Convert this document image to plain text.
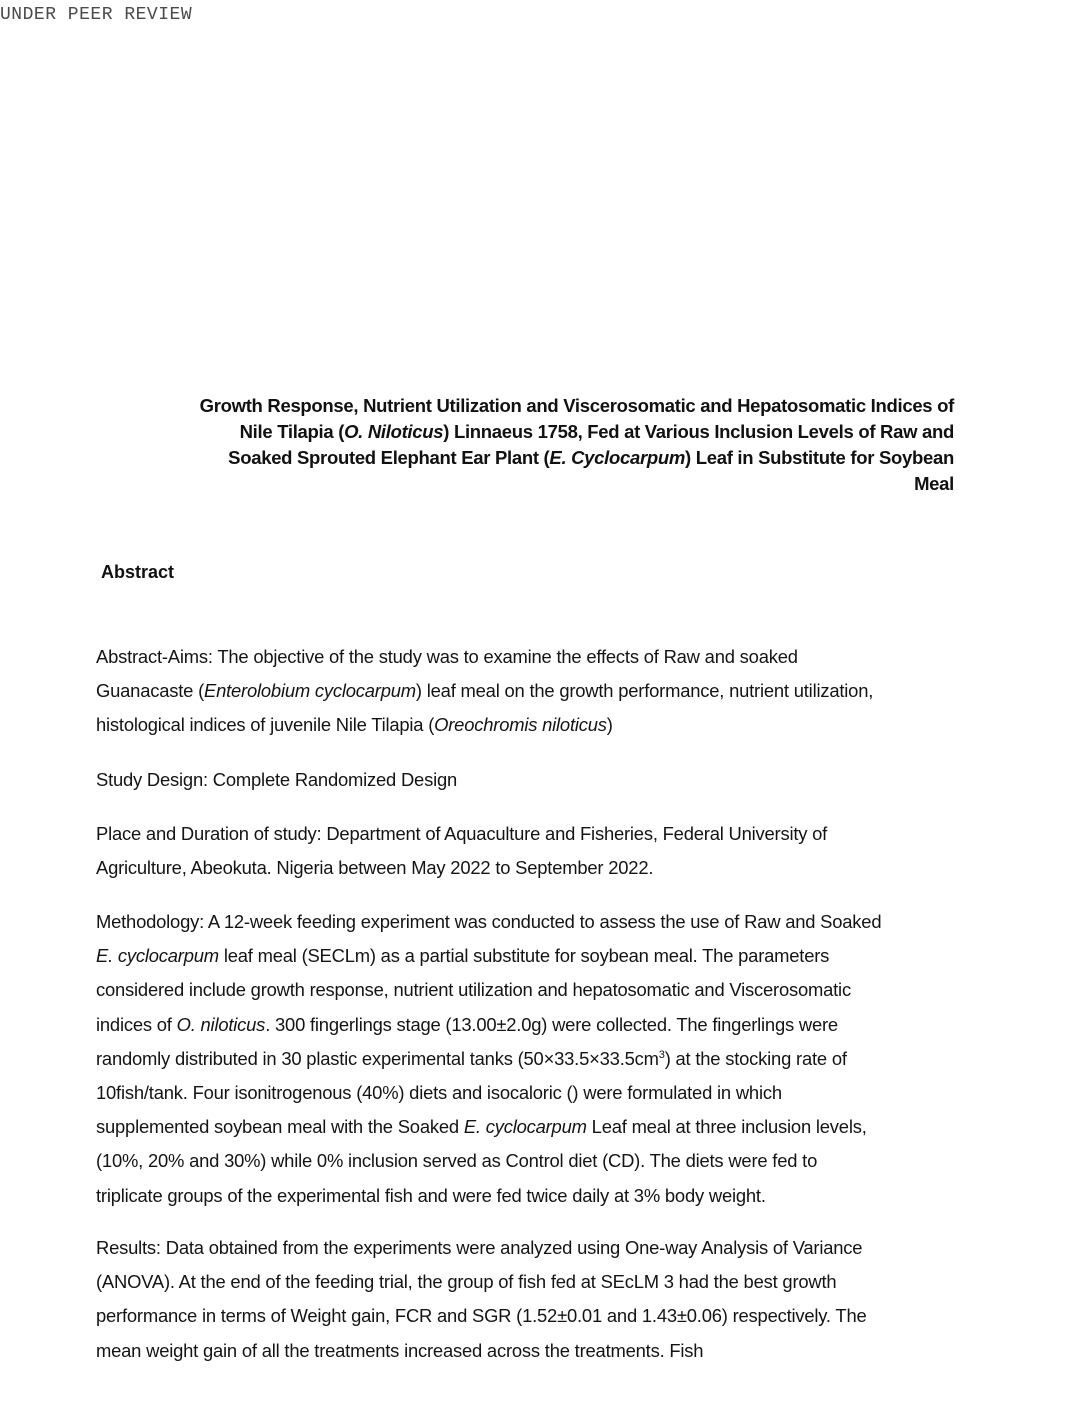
UNDER PEER REVIEW
Growth Response, Nutrient Utilization and Viscerosomatic and Hepatosomatic Indices of
Nile Tilapia (O. Niloticus) Linnaeus 1758, Fed at Various Inclusion Levels of Raw and
Soaked Sprouted Elephant Ear Plant (E. Cyclocarpum) Leaf in Substitute for Soybean
Meal
Abstract

Abstract-Aims: The objective of the study was to examine the effects of Raw and soaked
Guanacaste (Enterolobium cyclocarpum) leaf meal on the growth performance, nutrient utilization,
histological indices of juvenile Nile Tilapia (Oreochromis niloticus)

Study Design: Complete Randomized Design

Place and Duration of study: Department of Aquaculture and Fisheries, Federal University of
Agriculture, Abeokuta. Nigeria between May 2022 to September 2022.

Methodology: A 12-week feeding experiment was conducted to assess the use of Raw and Soaked
E. cyclocarpum leaf meal (SECLm) as a partial substitute for soybean meal. The parameters
considered include growth response, nutrient utilization and hepatosomatic and Viscerosomatic
indices of O. niloticus. 300 fingerlings stage (13.00±2.0g) were collected. The fingerlings were
randomly distributed in 30 plastic experimental tanks $(50\times 33.5\times 33.5cm^3)$ at the stocking rate of
10fish/tank. Four isonitrogenous (40%) diets and isocaloric () were formulated in which
supplemented soybean meal with the Soaked E. cyclocarpum Leaf meal at three inclusion levels,
(10%, 20% and 30%) while 0% inclusion served as Control diet (CD). The diets were fed to
triplicate groups of the experimental fish and were fed twice daily at 3% body weight.

Results: Data obtained from the experiments were analyzed using One-way Analysis of Variance
(ANOVA). At the end of the feeding trial, the group of fish fed at SEcLM 3 had the best growth
performance in terms of Weight gain, FCR and SGR (1.52±0.01 and 1.43±0.06) respectively. The
mean weight gain of all the treatments increased across the treatments. Fish
